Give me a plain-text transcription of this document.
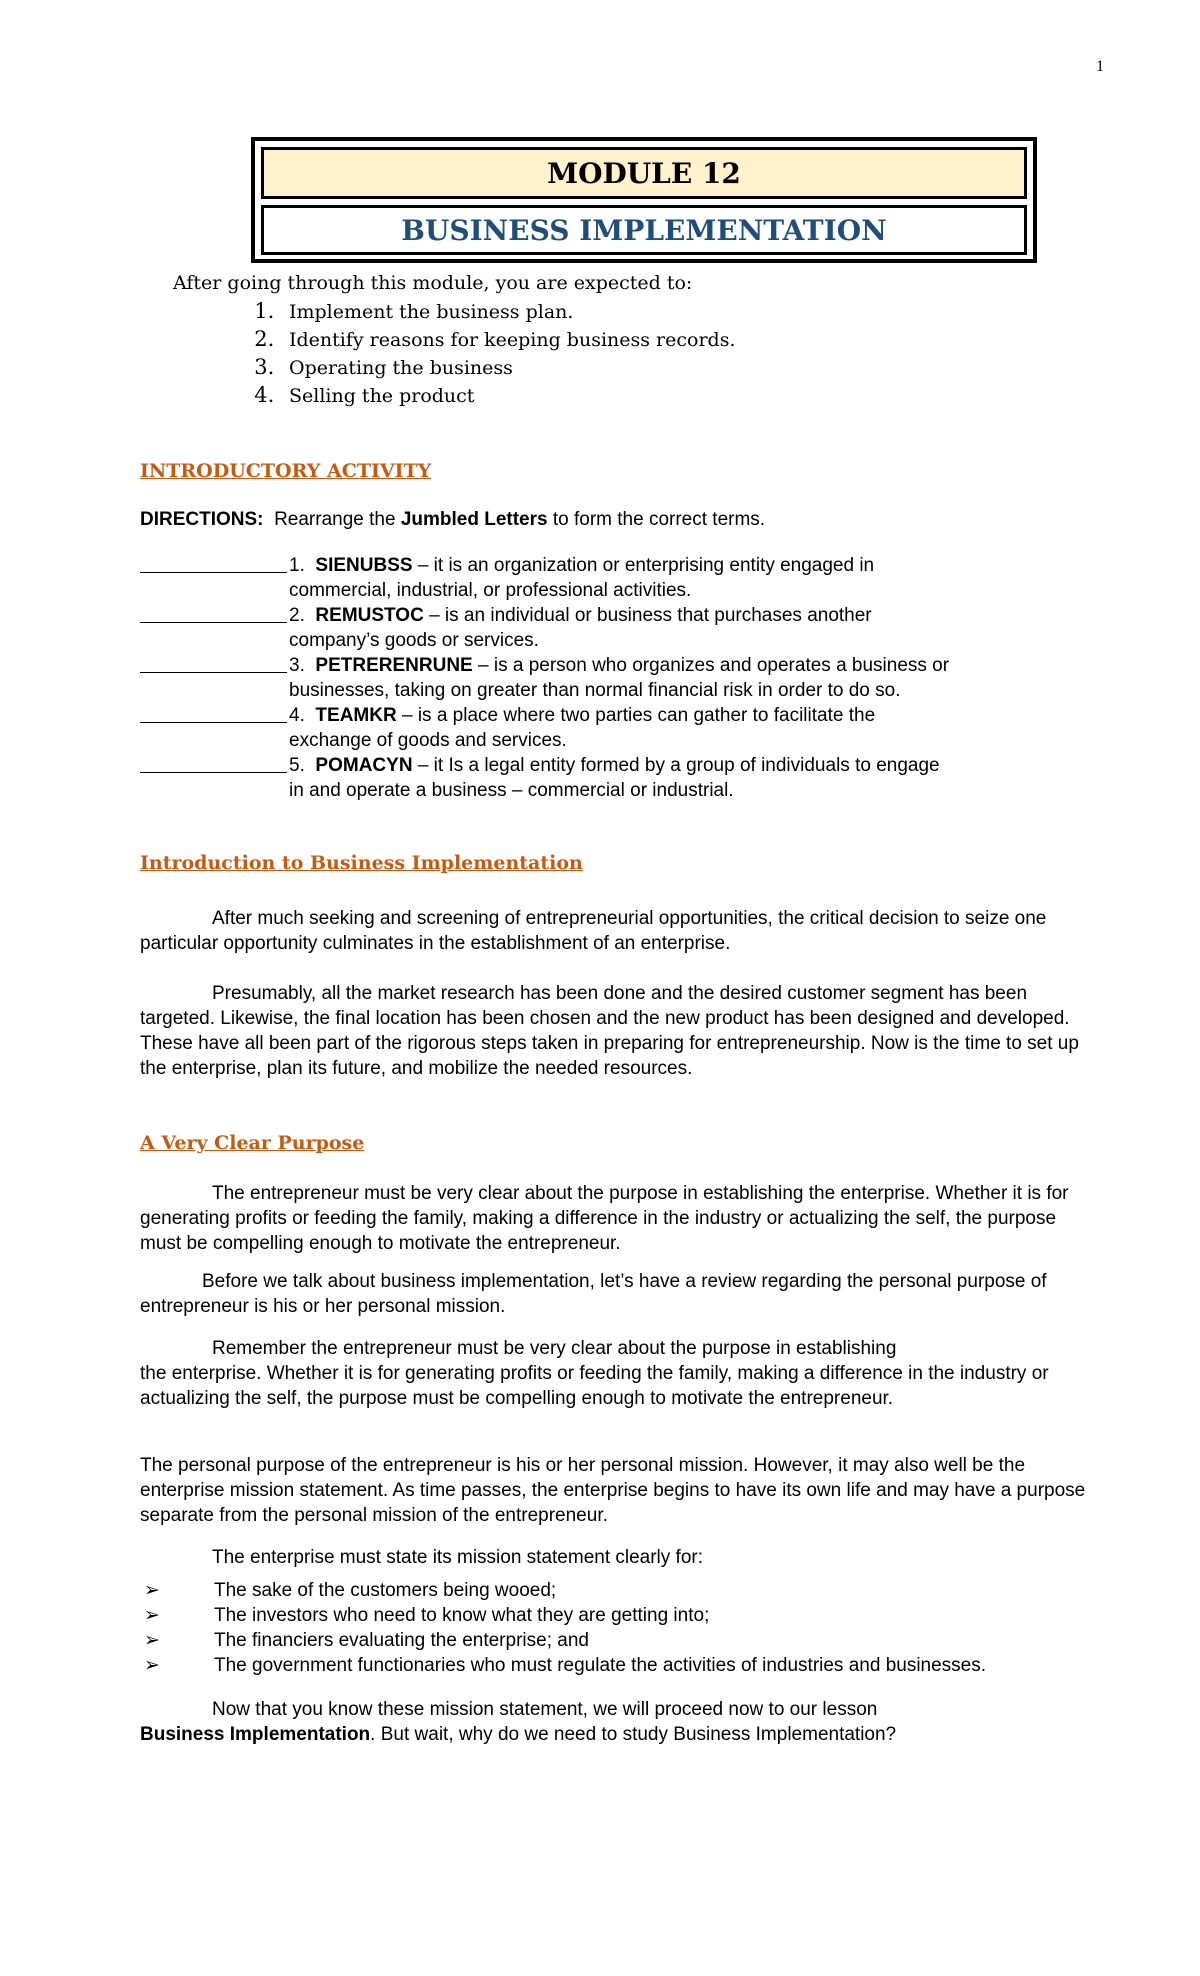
1
MODULE 12
BUSINESS IMPLEMENTATION

After going through this module, you are expected to:

1. Implement the business plan.
2. Identify reasons for keeping business records.
3. Operating the business
4. Selling the product
INTRODUCTORY ACTIVITY
DIRECTIONS: Rearrange the Jumbled Letters to form the correct terms.
1. SIENUBSS – it is an organization or enterprising entity engaged in
commercial, industrial, or professional activities.
2. REMUSTOC – is an individual or business that purchases another
company’s goods or services.
3. PETRERENRUNE – is a person who organizes and operates a business or
businesses, taking on greater than normal financial risk in order to do so.
4. TEAMKR – is a place where two parties can gather to facilitate the
exchange of goods and services.
5. POMACYN – it Is a legal entity formed by a group of individuals to engage
in and operate a business – commercial or industrial.
Introduction to Business Implementation

After much seeking and screening of entrepreneurial opportunities, the critical decision to seize one particular opportunity culminates in the establishment of an enterprise.

Presumably, all the market research has been done and the desired customer segment has been targeted. Likewise, the final location has been chosen and the new product has been designed and developed. These have all been part of the rigorous steps taken in preparing for entrepreneurship. Now is the time to set up the enterprise, plan its future, and mobilize the needed resources.

A Very Clear Purpose

The entrepreneur must be very clear about the purpose in establishing the enterprise. Whether it is for generating profits or feeding the family, making a difference in the industry or actualizing the self, the purpose must be compelling enough to motivate the entrepreneur.

Before we talk about business implementation, let’s have a review regarding the personal purpose of entrepreneur is his or her personal mission.

Remember the entrepreneur must be very clear about the purpose in establishing
the enterprise. Whether it is for generating profits or feeding the family, making a difference in the industry or actualizing the self, the purpose must be compelling enough to motivate the entrepreneur.

The personal purpose of the entrepreneur is his or her personal mission. However, it may also well be the enterprise mission statement. As time passes, the enterprise begins to have its own life and may have a purpose separate from the personal mission of the entrepreneur.

The enterprise must state its mission statement clearly for:

➢	The sake of the customers being wooed;
➢	The investors who need to know what they are getting into;
➢	The financiers evaluating the enterprise; and
➢	The government functionaries who must regulate the activities of industries and businesses.
Now that you know these mission statement, we will proceed now to our lesson
Business Implementation. But wait, why do we need to study Business Implementation?
